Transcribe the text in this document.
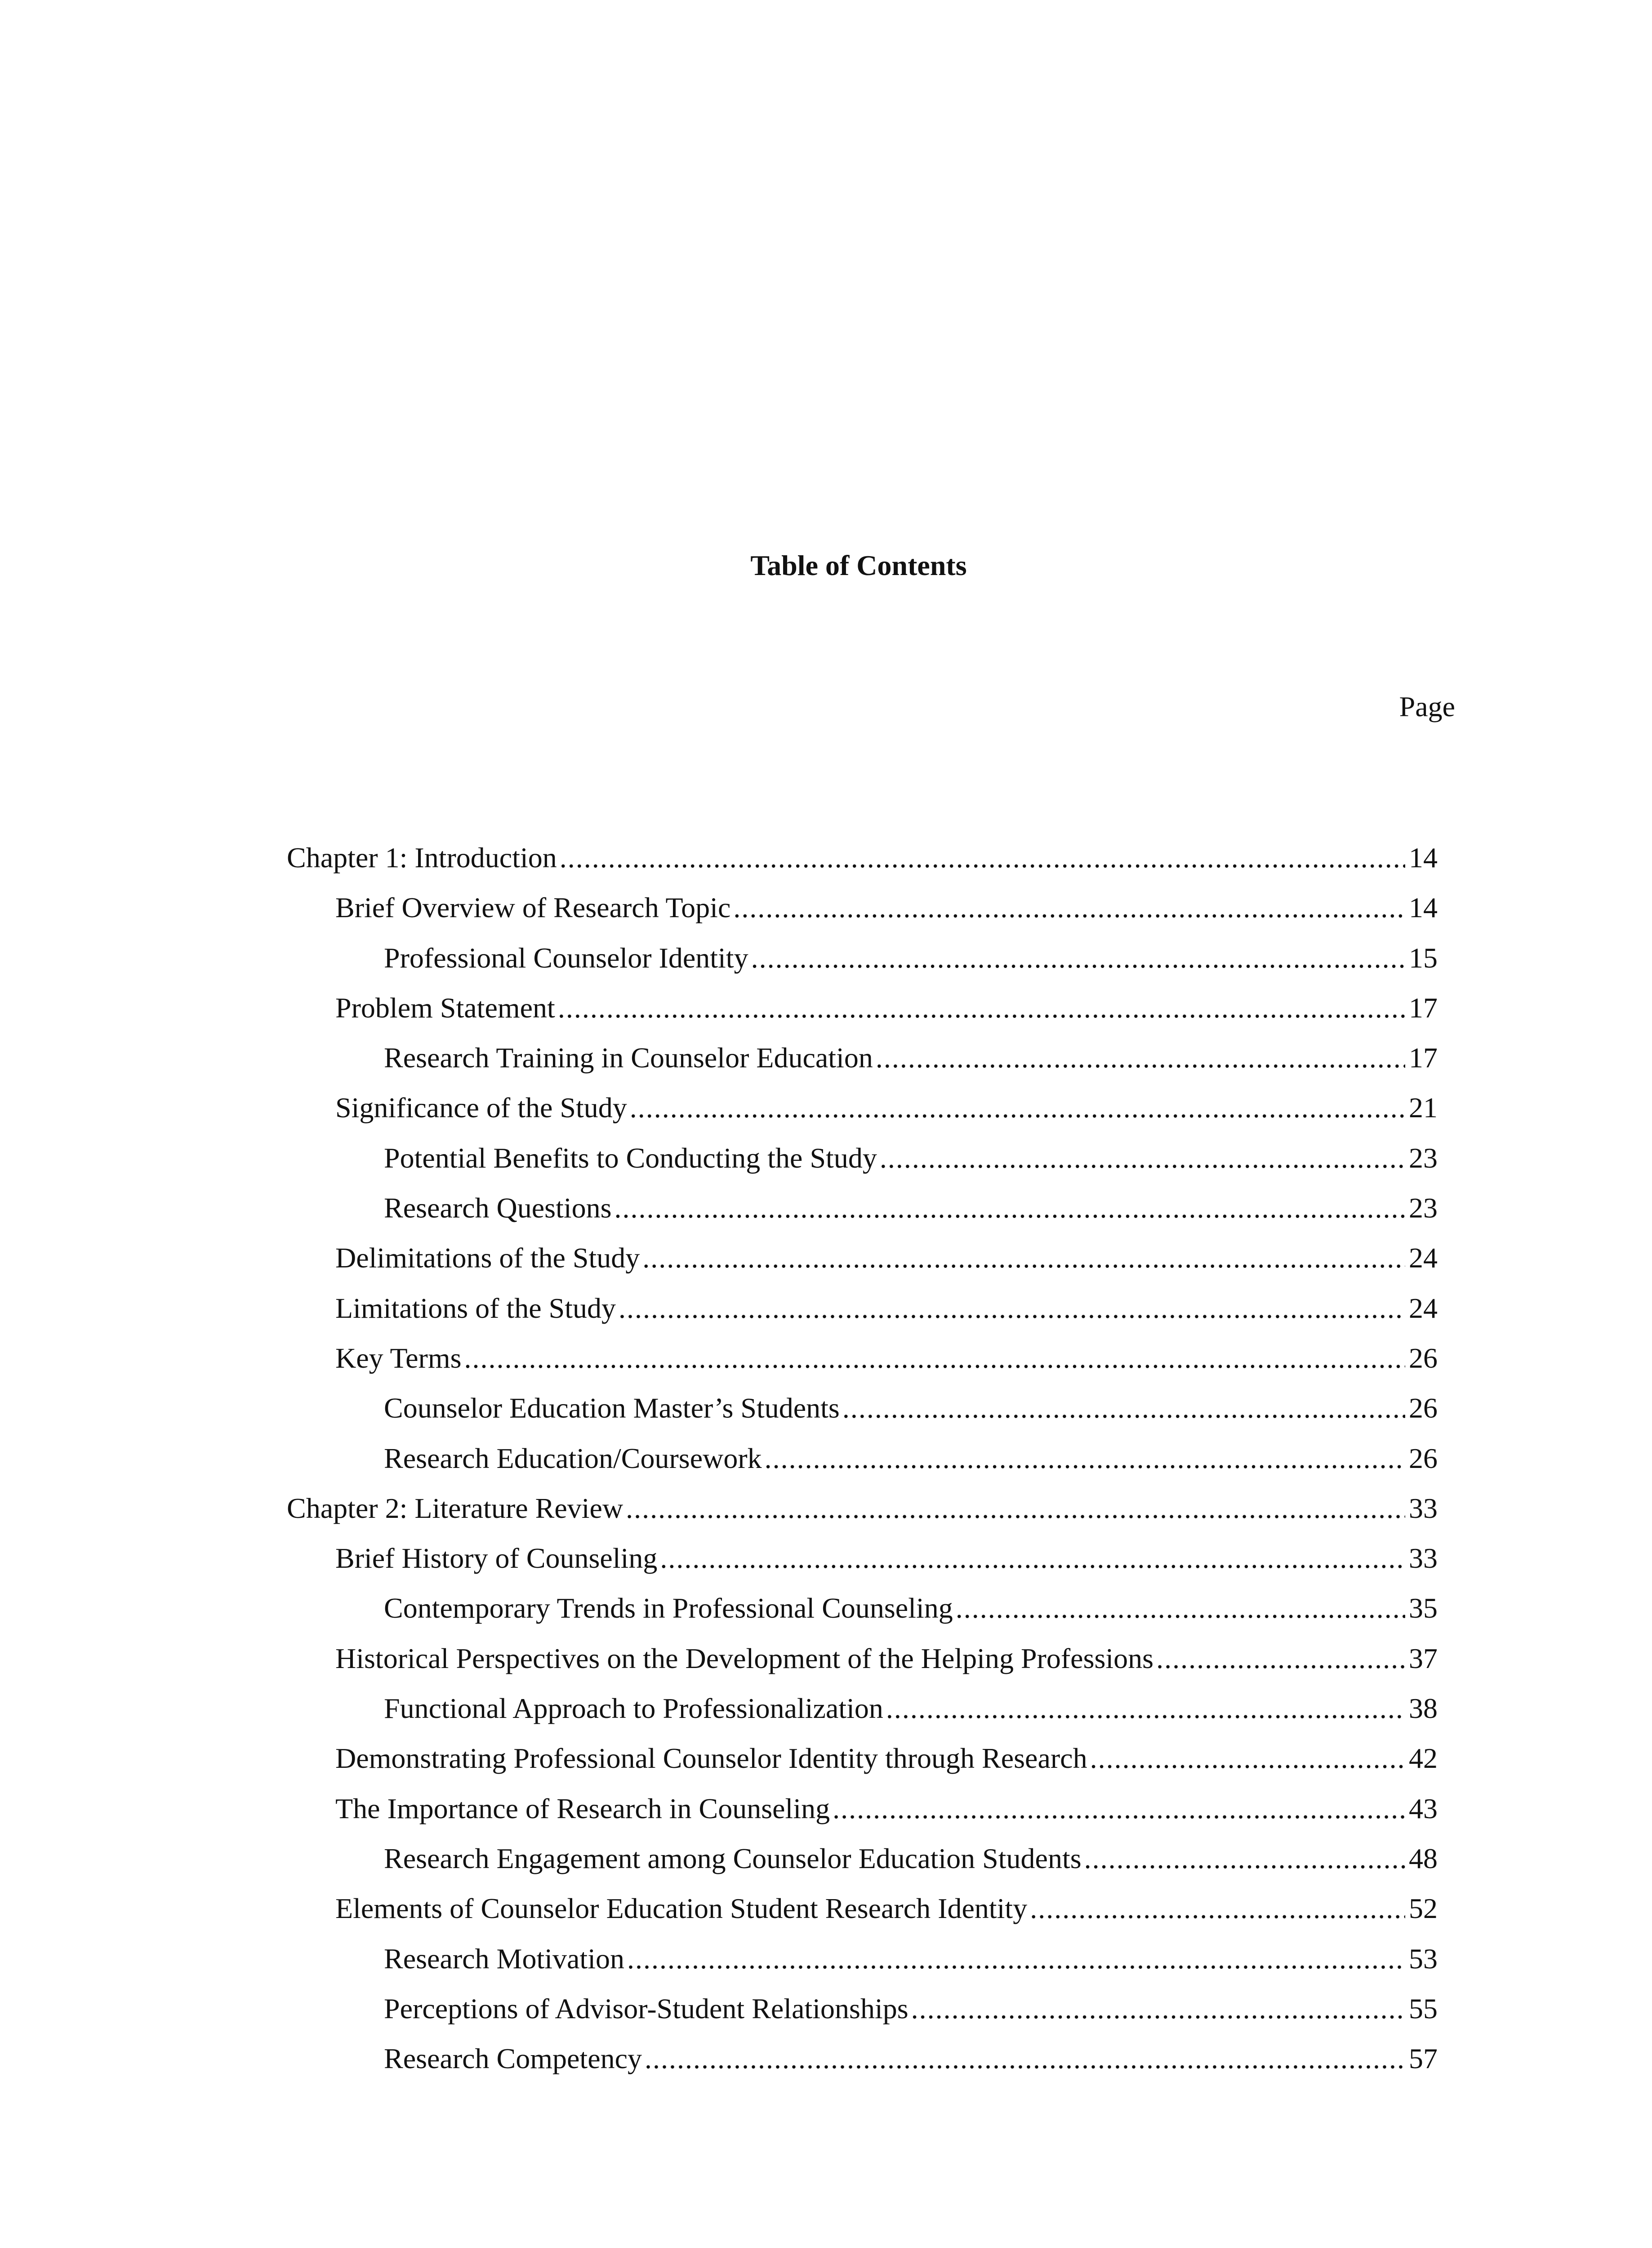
Table of Contents
Page
Chapter 1: Introduction .....	14
Brief Overview of Research Topic .....	14
Professional Counselor Identity .....	15
Problem Statement .....	17
Research Training in Counselor Education .....	17
Significance of the Study .....	21
Potential Benefits to Conducting the Study .....	23
Research Questions .....	23
Delimitations of the Study .....	24
Limitations of the Study .....	24
Key Terms .....	26
Counselor Education Master’s Students .....	26
Research Education/Coursework .....	26
Chapter 2: Literature Review .....	33
Brief History of Counseling .....	33
Contemporary Trends in Professional Counseling .....	35
Historical Perspectives on the Development of the Helping Professions .....	37
Functional Approach to Professionalization .....	38
Demonstrating Professional Counselor Identity through Research .....	42
The Importance of Research in Counseling .....	43
Research Engagement among Counselor Education Students .....	48
Elements of Counselor Education Student Research Identity .....	52
Research Motivation .....	53
Perceptions of Advisor-Student Relationships .....	55
Research Competency .....	57
